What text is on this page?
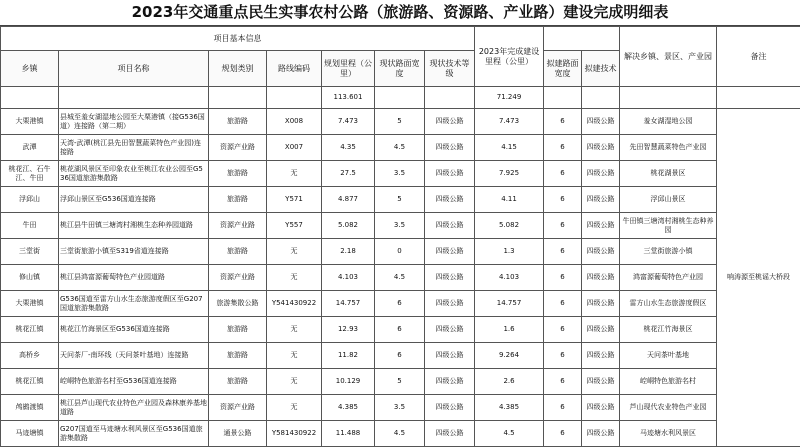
2023年交通重点民生实事农村公路（旅游路、资源路、产业路）建设完成明细表
项目基本信息							2023年完成建设里程（公里）			解决乡镇、景区、产业园	备注
乡镇	项目名称	规划类别	路线编码	规划里程（公里）	现状路面宽度	现状技术等级		拟建路面宽度	拟建技术		
				113.601			71.249				
大栗港镇	县城至羞女湖湿地公园至大栗港镇（接G536国道）连接路（第二期）	旅游路	X008	7.473	5	四级公路	7.473	6	四级公路	羞女湖湿地公园	响涛源至桃谣大桥段
武潭	天湾-武潭(桃江县先田智慧蔬菜特色产业园)连接路	资源产业路	X007	4.35	4.5	四级公路	4.15	6	四级公路	先田智慧蔬菜特色产业园	
桃花江、石牛江、牛田	桃花湖风景区至印象农业至桃江农业公园至G536国道旅游集散路	旅游路	无	27.5	3.5	四级公路	7.925	6	四级公路	桃花湖景区	
浮邱山	浮邱山景区至G536国道连接路	旅游路	Y571	4.877	5	四级公路	4.11	6	四级公路	浮邱山景区	
牛田	桃江县牛田镇三塘湾村湘桃生态种养园道路	资源产业路	Y557	5.082	3.5	四级公路	5.082	6	四级公路	牛田镇三塘湾村湘桃生态种养园	
三堂街	三堂街旅游小镇至S319省道连接路	旅游路	无	2.18	0	四级公路	1.3	6	四级公路	三堂街旅游小镇	
修山镇	桃江县鸿富源葡萄特色产业园道路	资源产业路	无	4.103	4.5	四级公路	4.103	6	四级公路	鸿富源葡萄特色产业园	
大栗港镇	G536国道至雷方山水生态旅游度假区至G207国道旅游集散路	旅游集散公路	Y541430922	14.757	6	四级公路	14.757	6	四级公路	雷方山水生态旅游度假区	
桃花江镇	桃花江竹海景区至G536国道连接路	旅游路	无	12.93	6	四级公路	1.6	6	四级公路	桃花江竹海景区	
高桥乡	天问茶厂-南环线（天问茶叶基地）连接路	旅游路	无	11.82	6	四级公路	9.264	6	四级公路	天问茶叶基地	
桃花江镇	崆峒特色旅游名村至G536国道连接路	旅游路	无	10.129	5	四级公路	2.6	6	四级公路	崆峒特色旅游名村	
鸬鹚渡镇	桃江县芦山现代农业特色产业园及森林康养基地道路	资源产业路	无	4.385	3.5	四级公路	4.385	6	四级公路	芦山现代农业特色产业园	
马迹塘镇	G207国道至马迹塘水利风景区至G536国道旅游集散路	通景公路	Y581430922	11.488	4.5	四级公路	4.5	6	四级公路	马迹塘水利风景区	
